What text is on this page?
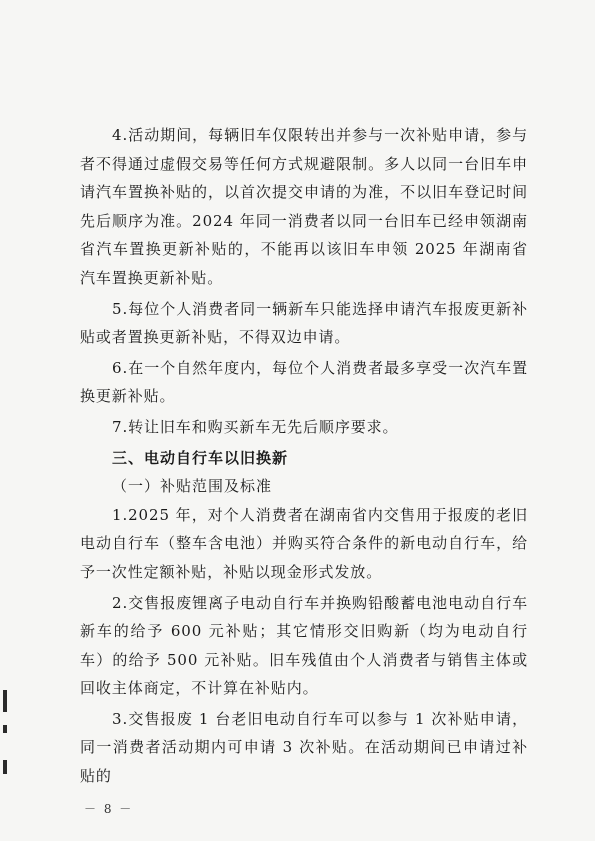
4.活动期间，每辆旧车仅限转出并参与一次补贴申请，参与者不得通过虚假交易等任何方式规避限制。多人以同一台旧车申请汽车置换补贴的，以首次提交申请的为准，不以旧车登记时间先后顺序为准。2024 年同一消费者以同一台旧车已经申领湖南省汽车置换更新补贴的，不能再以该旧车申领 2025 年湖南省汽车置换更新补贴。

5.每位个人消费者同一辆新车只能选择申请汽车报废更新补贴或者置换更新补贴，不得双边申请。

6.在一个自然年度内，每位个人消费者最多享受一次汽车置换更新补贴。

7.转让旧车和购买新车无先后顺序要求。

三、电动自行车以旧换新

（一）补贴范围及标准

1.2025 年，对个人消费者在湖南省内交售用于报废的老旧电动自行车（整车含电池）并购买符合条件的新电动自行车，给予一次性定额补贴，补贴以现金形式发放。

2.交售报废锂离子电动自行车并换购铅酸蓄电池电动自行车新车的给予 600 元补贴；其它情形交旧购新（均为电动自行车）的给予 500 元补贴。旧车残值由个人消费者与销售主体或回收主体商定，不计算在补贴内。

3.交售报废 1 台老旧电动自行车可以参与 1 次补贴申请，同一消费者活动期内可申请 3 次补贴。在活动期间已申请过补贴的

－ 8 －
